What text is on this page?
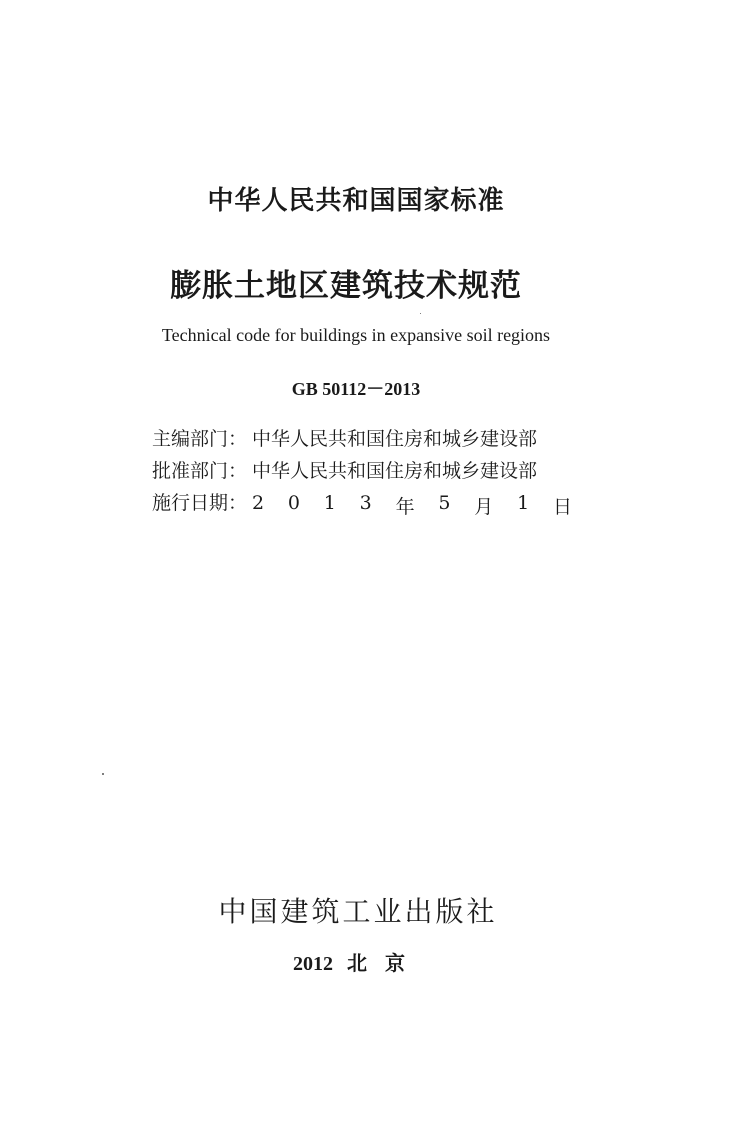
中华人民共和国国家标准
膨胀土地区建筑技术规范

Technical code for buildings in expansive soil regions

GB 50112－2013

主编部门： 中华人民共和国住房和城乡建设部
批准部门： 中华人民共和国住房和城乡建设部
施行日期： 2 0 1 3 年 5 月 1 日

中国建筑工业出版社

2012 北京
